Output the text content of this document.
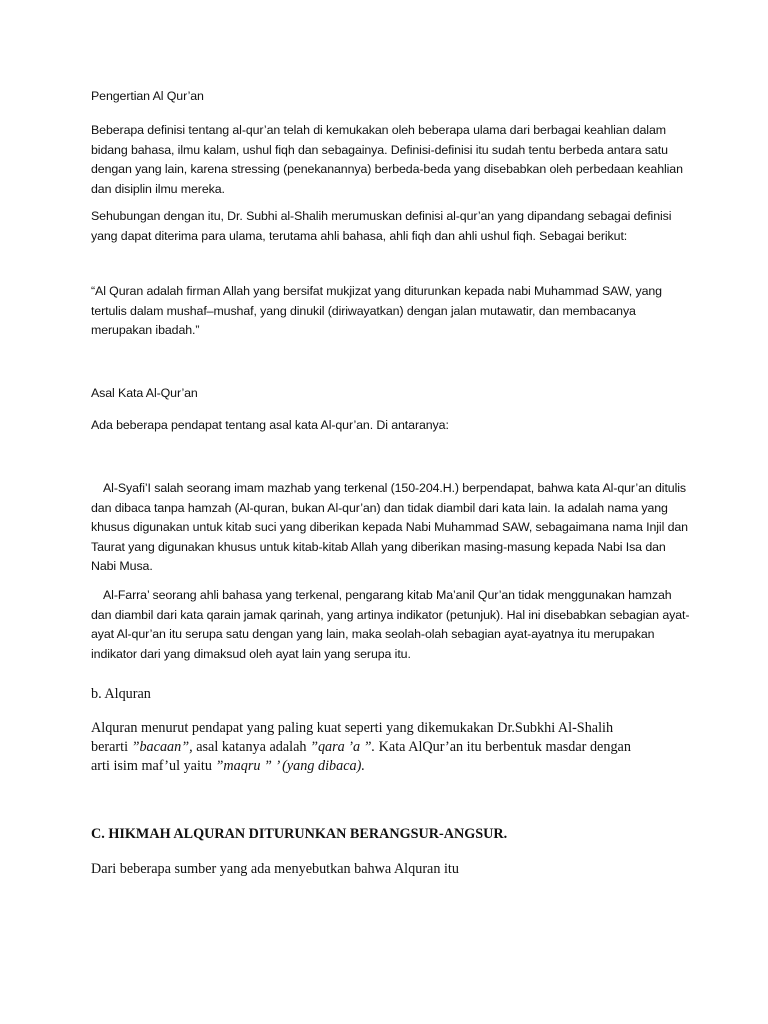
Pengertian Al Qur’an

Beberapa definisi tentang al-qur’an telah di kemukakan oleh beberapa ulama dari berbagai keahlian dalam bidang bahasa, ilmu kalam, ushul fiqh dan sebagainya. Definisi-definisi itu sudah tentu berbeda antara satu dengan yang lain, karena stressing (penekanannya) berbeda-beda yang disebabkan oleh perbedaan keahlian dan disiplin ilmu mereka.

Sehubungan dengan itu, Dr. Subhi al-Shalih merumuskan definisi al-qur’an yang dipandang sebagai definisi yang dapat diterima para ulama, terutama ahli bahasa, ahli fiqh dan ahli ushul fiqh. Sebagai berikut:

“Al Quran adalah firman Allah yang bersifat mukjizat yang diturunkan kepada nabi Muhammad SAW, yang tertulis dalam mushaf–mushaf, yang dinukil (diriwayatkan) dengan jalan mutawatir, dan membacanya merupakan ibadah.”

Asal Kata Al-Qur’an

Ada beberapa pendapat tentang asal kata Al-qur’an. Di antaranya:

Al-Syafi’I salah seorang imam mazhab yang terkenal (150-204.H.) berpendapat, bahwa kata Al-qur’an ditulis dan dibaca tanpa hamzah (Al-quran, bukan Al-qur’an) dan tidak diambil dari kata lain. Ia adalah nama yang khusus digunakan untuk kitab suci yang diberikan kepada Nabi Muhammad SAW, sebagaimana nama Injil dan Taurat yang digunakan khusus untuk kitab-kitab Allah yang diberikan masing-masung kepada Nabi Isa dan Nabi Musa.

Al-Farra’ seorang ahli bahasa yang terkenal, pengarang kitab Ma’anil Qur’an tidak menggunakan hamzah dan diambil dari kata qarain jamak qarinah, yang artinya indikator (petunjuk). Hal ini disebabkan sebagian ayat-ayat Al-qur’an itu serupa satu dengan yang lain, maka seolah-olah sebagian ayat-ayatnya itu merupakan indikator dari yang dimaksud oleh ayat lain yang serupa itu.

b. Alquran

Alquran menurut pendapat yang paling kuat seperti yang dikemukakan Dr.Subkhi Al-Shalih
berarti ”bacaan”, asal katanya adalah ”qara ’a ”. Kata AlQur’an itu berbentuk masdar dengan
arti isim maf’ul yaitu ”maqru ” ’ (yang dibaca).

C. HIKMAH ALQURAN DITURUNKAN BERANGSUR-ANGSUR.

Dari beberapa sumber yang ada menyebutkan bahwa Alquran itu
